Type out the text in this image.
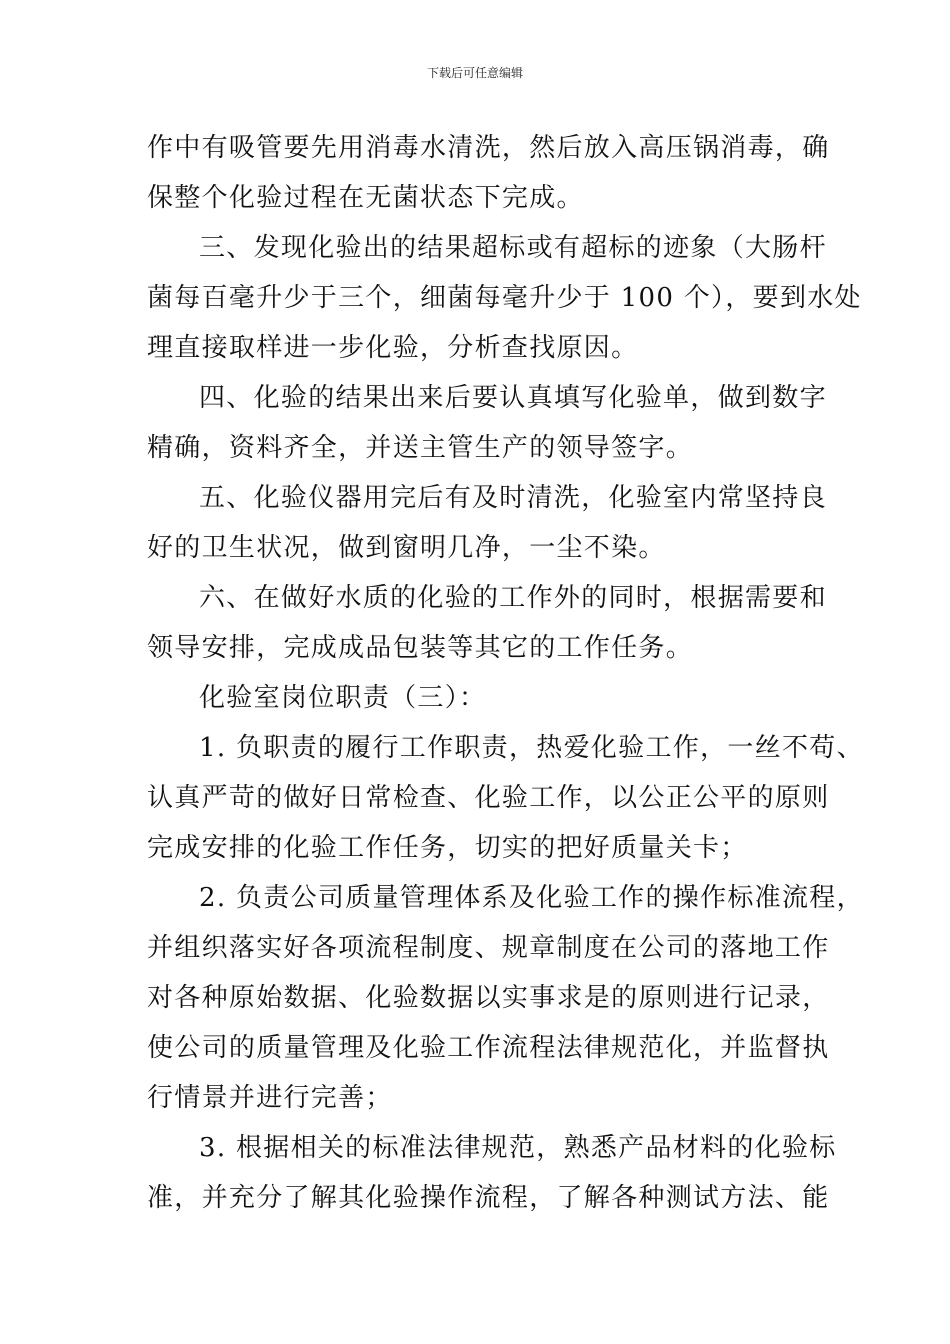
下载后可任意编辑
作中有吸管要先用消毒水清洗，然后放入高压锅消毒，确
保整个化验过程在无菌状态下完成。
三、发现化验出的结果超标或有超标的迹象（大肠杆
菌每百毫升少于三个，细菌每毫升少于 100 个），要到水处
理直接取样进一步化验，分析查找原因。
四、化验的结果出来后要认真填写化验单，做到数字
精确，资料齐全，并送主管生产的领导签字。
五、化验仪器用完后有及时清洗，化验室内常坚持良
好的卫生状况，做到窗明几净，一尘不染。
六、在做好水质的化验的工作外的同时，根据需要和
领导安排，完成成品包装等其它的工作任务。
化验室岗位职责（三）：
1. 负职责的履行工作职责，热爱化验工作，一丝不苟、
认真严苛的做好日常检查、化验工作，以公正公平的原则
完成安排的化验工作任务，切实的把好质量关卡；
2. 负责公司质量管理体系及化验工作的操作标准流程，
并组织落实好各项流程制度、规章制度在公司的落地工作
对各种原始数据、化验数据以实事求是的原则进行记录，
使公司的质量管理及化验工作流程法律规范化，并监督执
行情景并进行完善；
3. 根据相关的标准法律规范，熟悉产品材料的化验标
准，并充分了解其化验操作流程，了解各种测试方法、能
